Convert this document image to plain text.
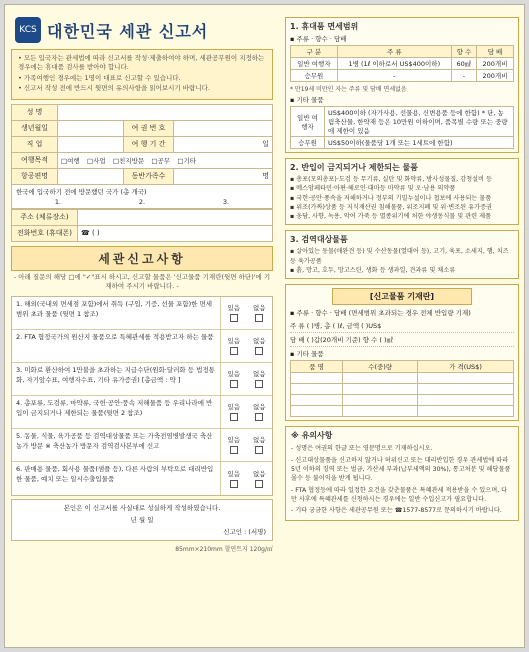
KCS 대한민국 세관 신고서

• 모든 입국자는 관세법에 따라 신고서를 작성·제출하여야 하며, 세관공무원이 지정하는 경우에는 휴대품 검사를 받아야 합니다.

• 가족여행인 경우에는 1명이 대표로 신고할 수 있습니다.

• 신고서 작성 전에 반드시 뒷면의 유의사항을 읽어보시기 바랍니다.

성 명			
생년월일		여 권 번 호	
직 업		여 행 기 간	일
여행목적	□여행 □사업 □친지방문 □공무 □기타		
항공편명		동반가족수	명
한국에 입국하기 전에 방문했던 국가 (총 개국)
1.	2.	3.
주소 (체류장소)	
전화번호 (휴대폰)	☎ ( )
세관신고사항
- 아래 질문의 해당 □에 "✓"표시 하시고, 신고할 물품은 '신고물품 기재란(뒷면 하단)'에 기재하여 주시기 바랍니다. -
1. 해외(국내외 면세점 포함)에서 취득 (구입, 기증, 선물 포함)한 면세범위 초과 물품 (뒷면 1 참조)
있음 없음
2. FTA 협정국가의 원산지 물품으로 특혜관세를 적용받고자 하는 물품
있음 없음
3. 미화로 환산하여 1만불을 초과하는 지급수단(원화·달러화 등 법정통화, 자기앞수표, 여행자수표, 기타 유가증권) [총금액 : 약 ]
있음 없음
4. 총포류, 도검류, 마약류, 국헌·공안·풍속 저해물품 등 우리나라에 반입이 금지되거나 제한되는 물품(뒷면 2 참조)
있음 없음
5. 동물, 식물, 육가공품 등 검역대상물품 또는 가축전염병발생국 축산농가 방문 ※ 축산농가 방문자 검역검사본부에 신고
있음 없음
6. 판매용 물품, 회사용 물품(샘플 등), 다른 사람의 부탁으로 대리반입한 물품, 예치 또는 일시수출입물품
있음 없음
본인은 이 신고서를 사실대로 성실하게 작성하였습니다.
년 월 일
신고인 : (서명)
85mm×210mm 할연트지 120g/㎡
1. 휴대품 면세범위
▪ 주류 · 향수 · 담배
구 분	주 류	향 수	담 배
일반 여행자	1병 (1ℓ 이하로서 US$400이하)	60㎖	200개비
승무원	-	-	200개비
* 만19세 미만인 자는 주류 및 담배 면세없음
▪ 기타 물품
일반 여행자	US$400이하 (자가사용, 선물용, 신변용품 등에 한함) * 단, 농림축산물, 한약재 등은 10만원 이하이며, 품목별 수량 또는 중량에 제한이 있음
승무원	US$50이하(물품당 1개 또는 1세트에 한함)
2. 반입이 금지되거나 제한되는 물품
▪ 총포(모의총포)·도검 등 무기류, 실탄 및 화약류, 방사성물질, 감청설비 등
▪ 메스암페타민·아편·헤로인·대마등 마약류 및 오·남용 의약품
▪ 국헌·공안·풍속을 저해하거나 정부의 기밀누설이나 첩보에 사용되는 물품
▪ 위조(가짜)상품 등 지식재산권 침해물품, 위조지폐 및 위·변조된 유가증권
▪ 웅담, 사향, 녹용, 악어 가죽 등 멸종위기에 처한 야생동식물 및 관련 제품
3. 검역대상물품
▪ 살아있는 동물(애완견 등) 및 수산동물(열대어 등), 고기, 육포, 소세지, 햄, 치즈 등 육가공품
▪ 흙, 망고, 호두, 망고스틴, 생화 등 생과일, 견과류 및 채소류
[신고물품 기재란]
▪ 주류 · 향수 · 담배 (면세범위 초과되는 경우 전체 반입량 기재)
주 류 ( )병, 총 ( )ℓ, 금액 ( )US$
담 배 ( )갑(20개비 기준) 향 수 ( )㎖
▪ 기타 물품
품 명	수(중)량	가 격(US$)

※ 유의사항

- 성명은 여권의 한글 또는 영문명으로 기재하십시오.

- 신고대상물품을 신고하지 않거나 허위신고 또는 대리반입한 경우 관세법에 따라 5년 이하의 징역 또는 벌금, 가산세 부과(납부세액의 30%), 통고처분 및 해당물품 몰수 등 불이익을 받게 됩니다.

- FTA 협정등에 따라 일정한 요건을 갖춘물품은 특혜관세 적용받을 수 있으며, 다만 사후에 특혜관세를 신청하시는 경우에는 일반 수입신고가 필요합니다.

- 기타 궁금한 사항은 세관공무원 또는 ☎1577-8577로 문의하시기 바랍니다.
